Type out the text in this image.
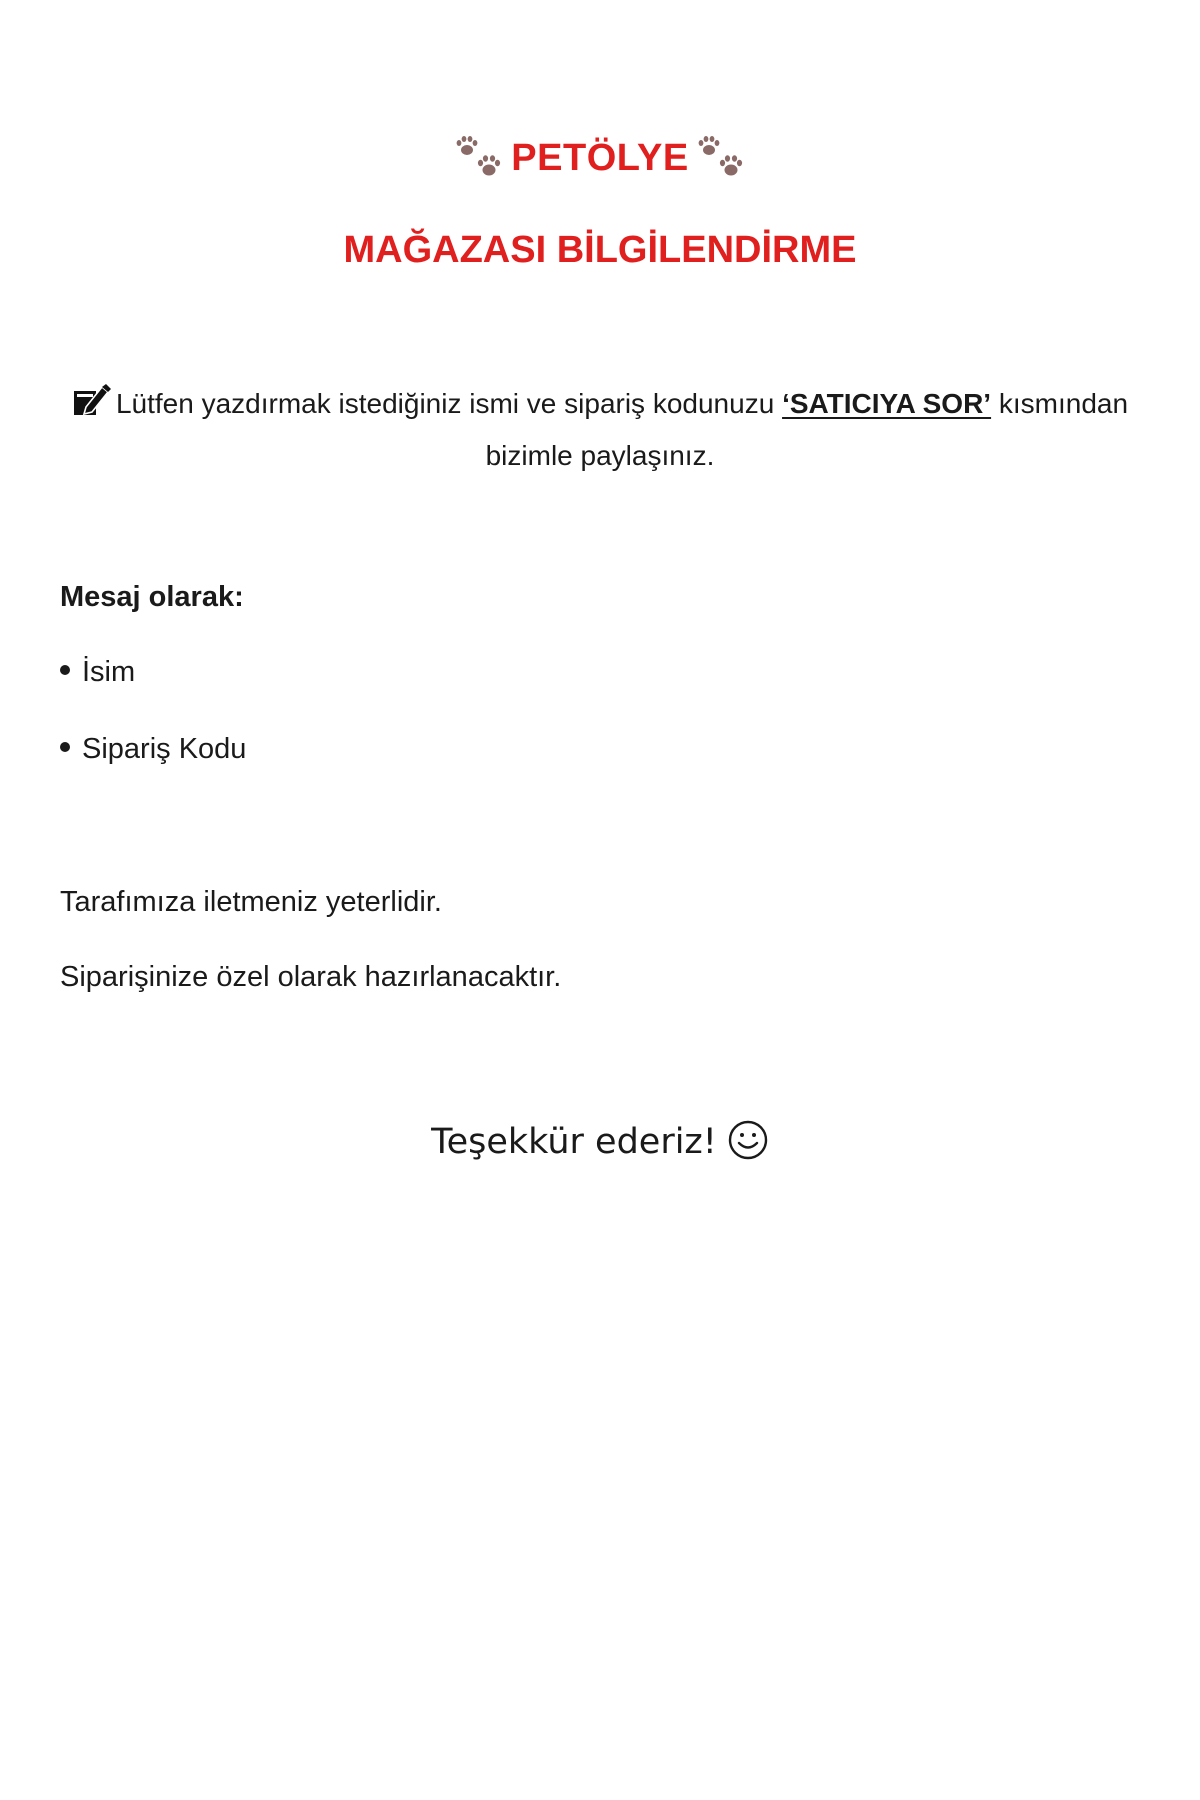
PETÖLYE
MAĞAZASI BİLGİLENDİRME
Lütfen yazdırmak istediğiniz ismi ve sipariş kodunuzu ‘SATICIYA SOR’ kısmından bizimle paylaşınız.
Mesaj olarak:
İsim
Sipariş Kodu
Tarafımıza iletmeniz yeterlidir.
Siparişinize özel olarak hazırlanacaktır.
Teşekkür ederiz!
